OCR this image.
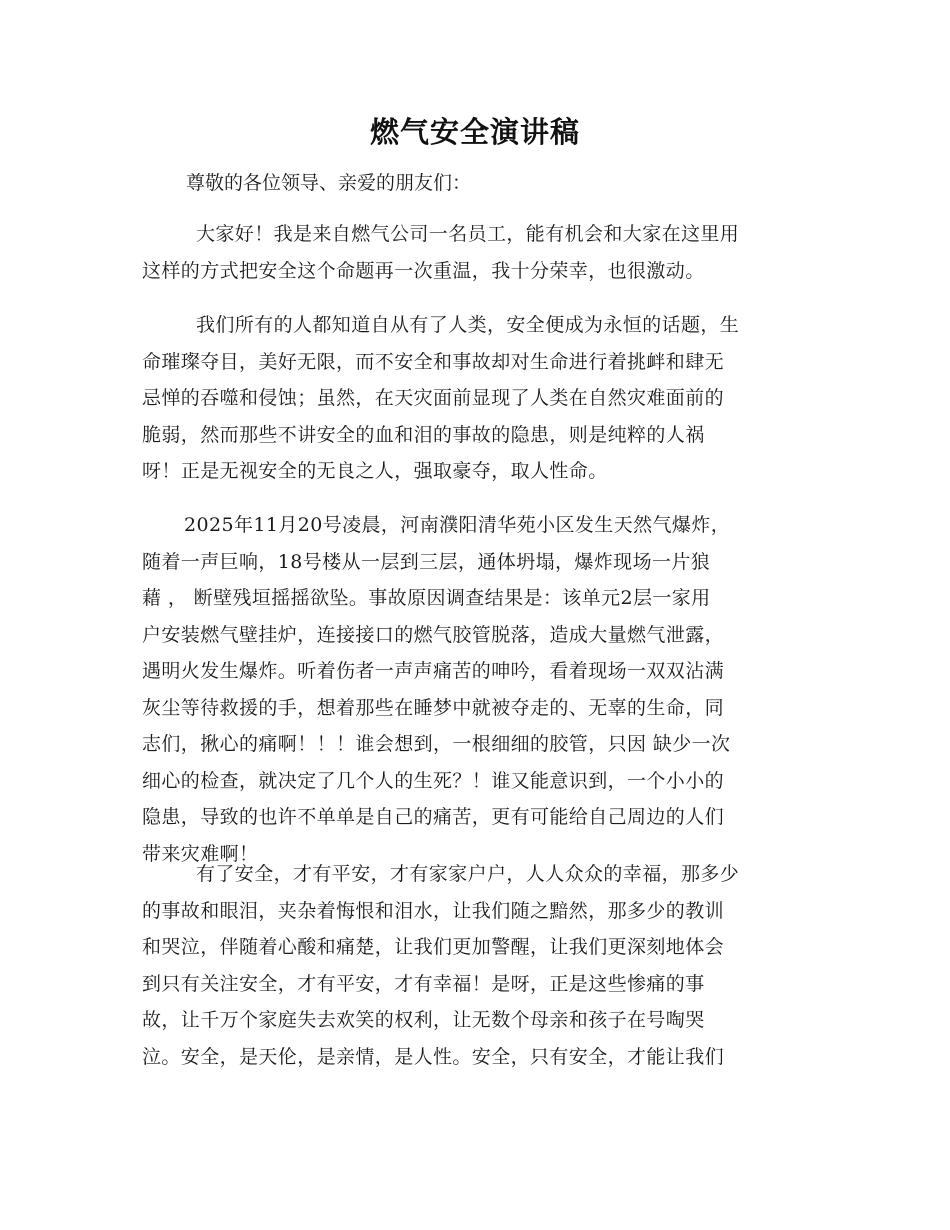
燃气安全演讲稿
尊敬的各位领导、亲爱的朋友们：
大家好！我是来自燃气公司一名员工，能有机会和大家在这里用
这样的方式把安全这个命题再一次重温，我十分荣幸，也很激动。
我们所有的人都知道自从有了人类，安全便成为永恒的话题，生
命璀璨夺目，美好无限，而不安全和事故却对生命进行着挑衅和肆无
忌惮的吞噬和侵蚀；虽然，在天灾面前显现了人类在自然灾难面前的
脆弱，然而那些不讲安全的血和泪的事故的隐患，则是纯粹的人祸
呀！正是无视安全的无良之人，强取豪夺，取人性命。
2025年11月20号凌晨，河南濮阳清华苑小区发生天然气爆炸，
随着一声巨响，18号楼从一层到三层，通体坍塌，爆炸现场一片狼
藉 ， 断壁残垣摇摇欲坠。事故原因调查结果是：该单元2层一家用
户安装燃气壁挂炉，连接接口的燃气胶管脱落，造成大量燃气泄露，
遇明火发生爆炸。听着伤者一声声痛苦的呻吟，看着现场一双双沾满
灰尘等待救援的手，想着那些在睡梦中就被夺走的、无辜的生命，同
志们，揪心的痛啊！！！谁会想到，一根细细的胶管，只因 缺少一次
细心的检查，就决定了几个人的生死？！谁又能意识到，一个小小的
隐患，导致的也许不单单是自己的痛苦，更有可能给自己周边的人们
带来灾难啊！
有了安全，才有平安，才有家家户户，人人众众的幸福，那多少
的事故和眼泪，夹杂着悔恨和泪水，让我们随之黯然，那多少的教训
和哭泣，伴随着心酸和痛楚，让我们更加警醒，让我们更深刻地体会
到只有关注安全，才有平安，才有幸福！是呀，正是这些惨痛的事
故，让千万个家庭失去欢笑的权利，让无数个母亲和孩子在号啕哭
泣。安全，是天伦，是亲情，是人性。安全，只有安全，才能让我们
